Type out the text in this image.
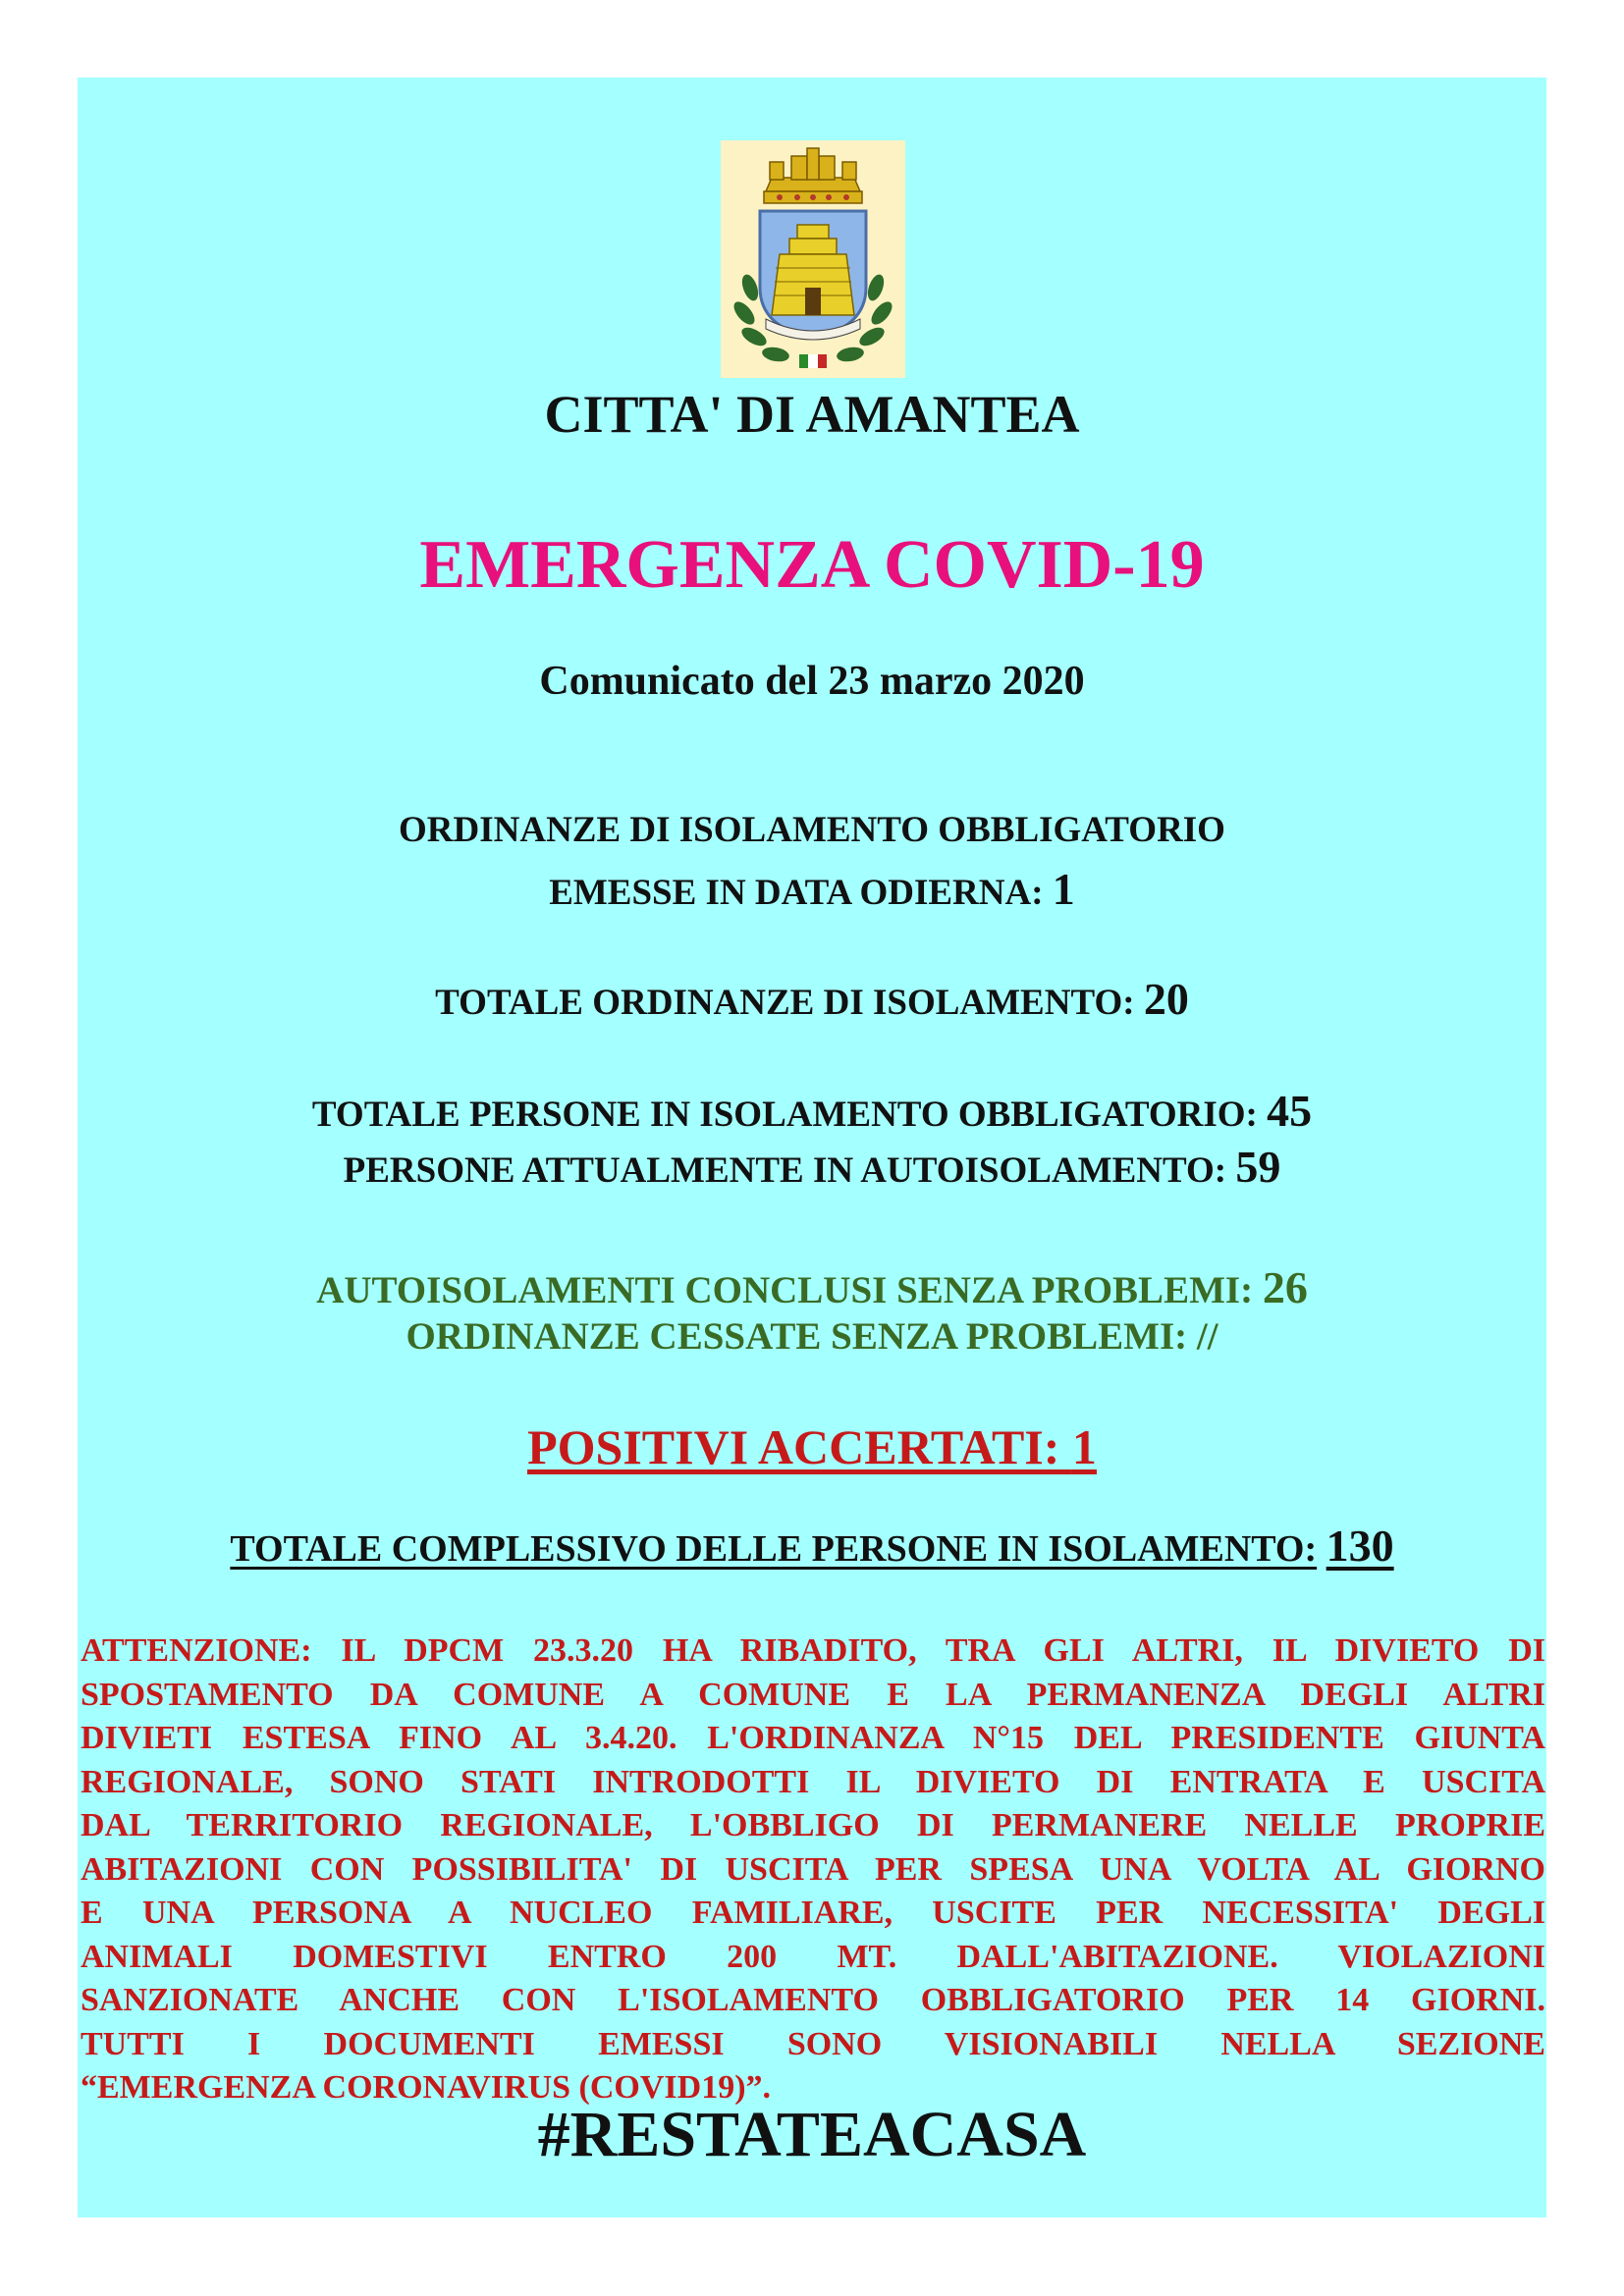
CITTA' DI AMANTEA
EMERGENZA COVID-19
Comunicato del 23 marzo 2020
ORDINANZE DI ISOLAMENTO OBBLIGATORIO
EMESSE IN DATA ODIERNA: 1
TOTALE ORDINANZE DI ISOLAMENTO: 20
TOTALE PERSONE IN ISOLAMENTO OBBLIGATORIO: 45
PERSONE ATTUALMENTE IN AUTOISOLAMENTO: 59
AUTOISOLAMENTI CONCLUSI SENZA PROBLEMI: 26
ORDINANZE CESSATE SENZA PROBLEMI: //
POSITIVI ACCERTATI: 1
TOTALE COMPLESSIVO DELLE PERSONE IN ISOLAMENTO: 130
ATTENZIONE: IL DPCM 23.3.20 HA RIBADITO, TRA GLI ALTRI, IL DIVIETO DI
SPOSTAMENTO DA COMUNE A COMUNE E LA PERMANENZA DEGLI ALTRI
DIVIETI ESTESA FINO AL 3.4.20. L'ORDINANZA N°15 DEL PRESIDENTE GIUNTA
REGIONALE, SONO STATI INTRODOTTI IL DIVIETO DI ENTRATA E USCITA
DAL TERRITORIO REGIONALE, L'OBBLIGO DI PERMANERE NELLE PROPRIE
ABITAZIONI CON POSSIBILITA' DI USCITA PER SPESA UNA VOLTA AL GIORNO
E UNA PERSONA A NUCLEO FAMILIARE, USCITE PER NECESSITA' DEGLI
ANIMALI DOMESTIVI ENTRO 200 MT. DALL'ABITAZIONE. VIOLAZIONI
SANZIONATE ANCHE CON L'ISOLAMENTO OBBLIGATORIO PER 14 GIORNI.
TUTTI I DOCUMENTI EMESSI SONO VISIONABILI NELLA SEZIONE
“EMERGENZA CORONAVIRUS (COVID19)”.
#RESTATEACASA
